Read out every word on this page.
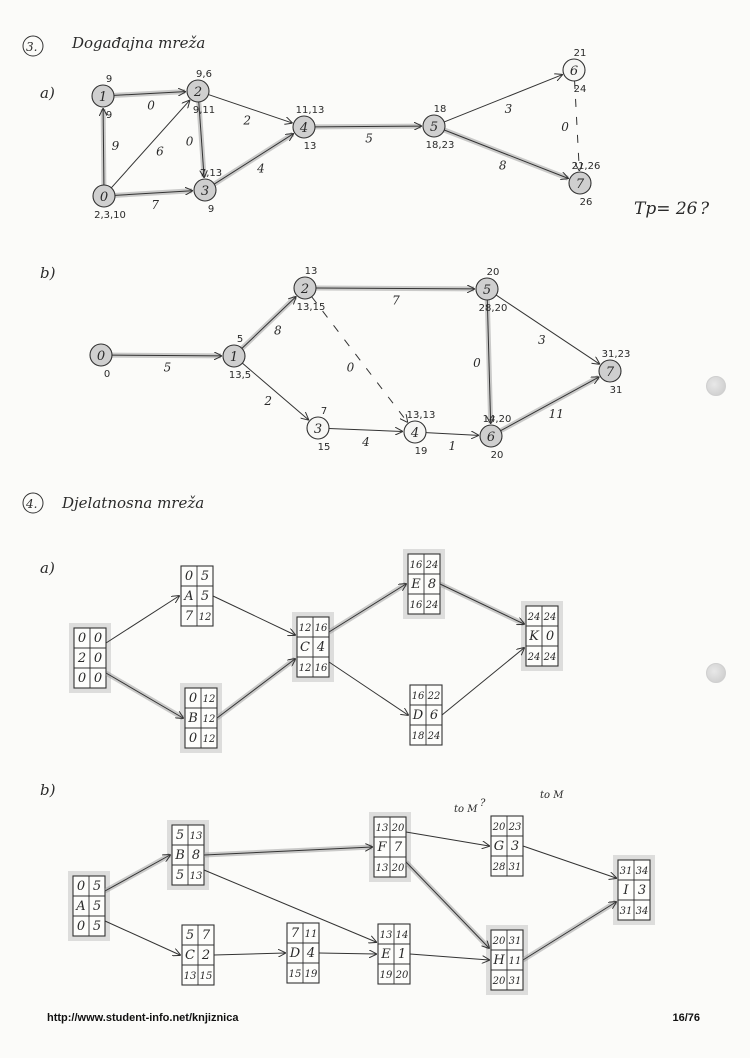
3. Događajna mreža
a)
9	6
7
0
0
2
4
5
3
8
0
0
2,3,10
1
9
9
2
9,6
9,11
3
7,13
9
4
11,13
13
5
18
18,23
6
21
24
7
21,26
26 Tp= 26 ?
b)
5
8
2
7
0
4	1
0
3
11
0
0
1
5
13,5
2
13
13,15
3
7
15
4
13,13
19
5
20
28,20
6
14,20
20
7
31,23
31
4. Djelatnosna mreža
a)
0 0
2 0
0 0
0 5
A 5
7 12
0 12
B 12
0 12
12 16
C 4
12 16
16 24
E 8
16 24
16 22
D 6
18 24
24 24
K 0
24 24
b)
0 5
A 5
0 5
5 13
B 8
5 13
5 7
C 2
13 15
7 11
D 4
15 19
13 14
E 1
19 20
13 20
F 7
13 20
20 23
G 3
28 31
20 31
H 11
20 31
31 34
I 3
31 34
to M
?
to M
http://www.student-info.net/knjiznica	16/76
